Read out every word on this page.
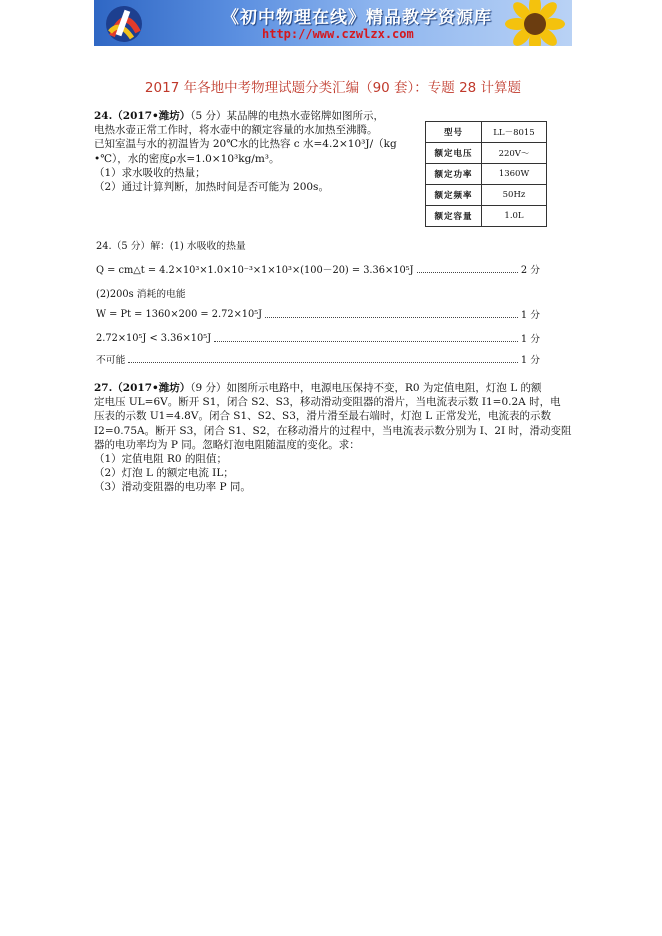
《初中物理在线》精品教学资源库
http://www.czwlzx.com
2017 年各地中考物理试题分类汇编（90 套）：专题 28 计算题

24.（2017•潍坊）（5 分）某品牌的电热水壶铭牌如图所示，

电热水壶正常工作时，将水壶中的额定容量的水加热至沸腾。

已知室温与水的初温皆为 20℃水的比热容 c 水=4.2×10³J/（kg

•℃），水的密度ρ水=1.0×10³kg/m³。

（1）求水吸收的热量；

（2）通过计算判断，加热时间是否可能为 200s。

型号	LL－8015
额定电压	220V～
额定功率	1360W
额定频率	50Hz
额定容量	1.0L
24.（5 分）解：(1) 水吸收的热量
Q = cm△t = 4.2×10³×1.0×10⁻³×1×10³×(100－20) = 3.36×10⁵J	2 分
(2)200s 消耗的电能
W = Pt = 1360×200 = 2.72×10⁵J	1 分
2.72×10⁵J < 3.36×10⁵J	1 分
不可能	1 分

27.（2017•潍坊）（9 分）如图所示电路中，电源电压保持不变，R0 为定值电阻，灯泡 L 的额

定电压 UL=6V。断开 S1，闭合 S2、S3，移动滑动变阻器的滑片，当电流表示数 I1=0.2A 时，电

压表的示数 U1=4.8V。闭合 S1、S2、S3，滑片滑至最右端时，灯泡 L 正常发光，电流表的示数

I2=0.75A。断开 S3，闭合 S1、S2，在移动滑片的过程中，当电流表示数分别为 I、2I 时，滑动变阻

器的电功率均为 P 同。忽略灯泡电阻随温度的变化。求：

（1）定值电阻 R0 的阻值；

（2）灯泡 L 的额定电流 IL；

（3）滑动变阻器的电功率 P 同。
